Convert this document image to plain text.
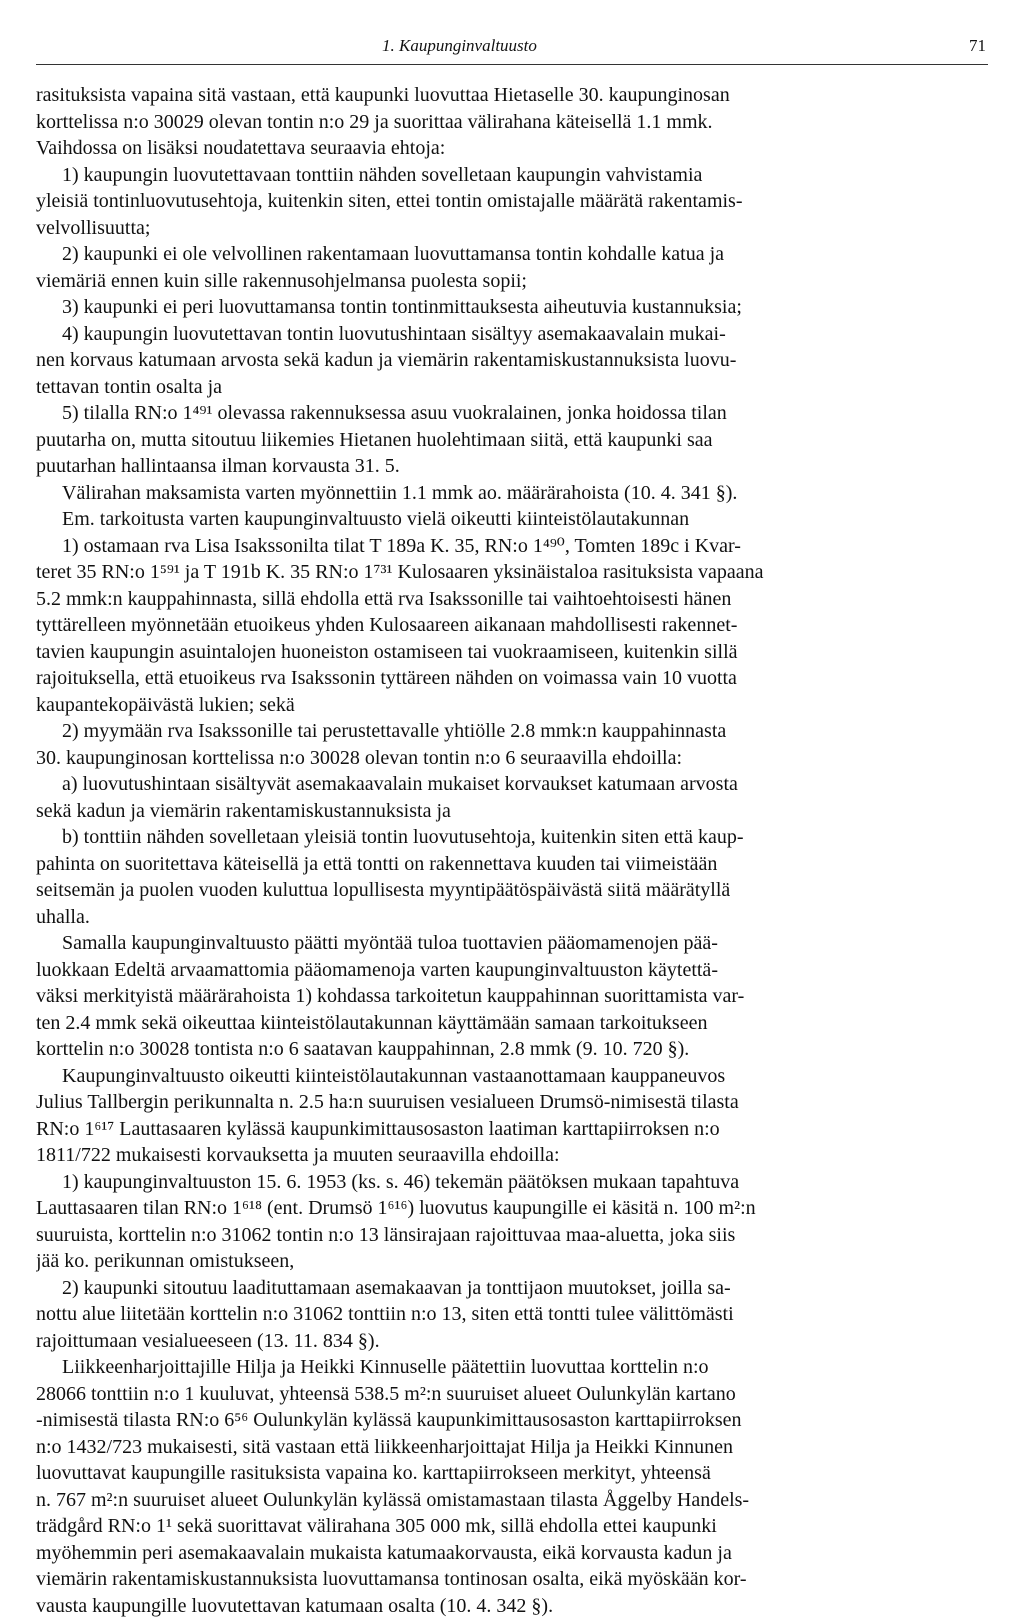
1. Kaupunginvaltuusto	71
rasituksista vapaina sitä vastaan, että kaupunki luovuttaa Hietaselle 30. kaupunginosan
korttelissa n:o 30029 olevan tontin n:o 29 ja suorittaa välirahana käteisellä 1.1 mmk.
Vaihdossa on lisäksi noudatettava seuraavia ehtoja:
1) kaupungin luovutettavaan tonttiin nähden sovelletaan kaupungin vahvistamia
yleisiä tontinluovutusehtoja, kuitenkin siten, ettei tontin omistajalle määrätä rakentamis-
velvollisuutta;
2) kaupunki ei ole velvollinen rakentamaan luovuttamansa tontin kohdalle katua ja
viemäriä ennen kuin sille rakennusohjelmansa puolesta sopii;
3) kaupunki ei peri luovuttamansa tontin tontinmittauksesta aiheutuvia kustannuksia;
4) kaupungin luovutettavan tontin luovutushintaan sisältyy asemakaavalain mukai-
nen korvaus katumaan arvosta sekä kadun ja viemärin rakentamiskustannuksista luovu-
tettavan tontin osalta ja
5) tilalla RN:o 1⁴⁹¹ olevassa rakennuksessa asuu vuokralainen, jonka hoidossa tilan
puutarha on, mutta sitoutuu liikemies Hietanen huolehtimaan siitä, että kaupunki saa
puutarhan hallintaansa ilman korvausta 31. 5.
Välirahan maksamista varten myönnettiin 1.1 mmk ao. määrärahoista (10. 4. 341 §).
Em. tarkoitusta varten kaupunginvaltuusto vielä oikeutti kiinteistölautakunnan
1) ostamaan rva Lisa Isakssonilta tilat T 189a K. 35, RN:o 1⁴⁹⁰, Tomten 189c i Kvar-
teret 35 RN:o 1⁵⁹¹ ja T 191b K. 35 RN:o 1⁷³¹ Kulosaaren yksinäistaloa rasituksista vapaana
5.2 mmk:n kauppahinnasta, sillä ehdolla että rva Isakssonille tai vaihtoehtoisesti hänen
tyttärelleen myönnetään etuoikeus yhden Kulosaareen aikanaan mahdollisesti rakennet-
tavien kaupungin asuintalojen huoneiston ostamiseen tai vuokraamiseen, kuitenkin sillä
rajoituksella, että etuoikeus rva Isakssonin tyttäreen nähden on voimassa vain 10 vuotta
kaupantekopäivästä lukien; sekä
2) myymään rva Isakssonille tai perustettavalle yhtiölle 2.8 mmk:n kauppahinnasta
30. kaupunginosan korttelissa n:o 30028 olevan tontin n:o 6 seuraavilla ehdoilla:
a) luovutushintaan sisältyvät asemakaavalain mukaiset korvaukset katumaan arvosta
sekä kadun ja viemärin rakentamiskustannuksista ja
b) tonttiin nähden sovelletaan yleisiä tontin luovutusehtoja, kuitenkin siten että kaup-
pahinta on suoritettava käteisellä ja että tontti on rakennettava kuuden tai viimeistään
seitsemän ja puolen vuoden kuluttua lopullisesta myyntipäätöspäivästä siitä määrätyllä
uhalla.
Samalla kaupunginvaltuusto päätti myöntää tuloa tuottavien pääomamenojen pää-
luokkaan Edeltä arvaamattomia pääomamenoja varten kaupunginvaltuuston käytettä-
väksi merkityistä määrärahoista 1) kohdassa tarkoitetun kauppahinnan suorittamista var-
ten 2.4 mmk sekä oikeuttaa kiinteistölautakunnan käyttämään samaan tarkoitukseen
korttelin n:o 30028 tontista n:o 6 saatavan kauppahinnan, 2.8 mmk (9. 10. 720 §).
Kaupunginvaltuusto oikeutti kiinteistölautakunnan vastaanottamaan kauppaneuvos
Julius Tallbergin perikunnalta n. 2.5 ha:n suuruisen vesialueen Drumsö-nimisestä tilasta
RN:o 1⁶¹⁷ Lauttasaaren kylässä kaupunkimittausosaston laatiman karttapiirroksen n:o
1811/722 mukaisesti korvauksetta ja muuten seuraavilla ehdoilla:
1) kaupunginvaltuuston 15. 6. 1953 (ks. s. 46) tekemän päätöksen mukaan tapahtuva
Lauttasaaren tilan RN:o 1⁶¹⁸ (ent. Drumsö 1⁶¹⁶) luovutus kaupungille ei käsitä n. 100 m²:n
suuruista, korttelin n:o 31062 tontin n:o 13 länsirajaan rajoittuvaa maa-aluetta, joka siis
jää ko. perikunnan omistukseen,
2) kaupunki sitoutuu laadituttamaan asemakaavan ja tonttijaon muutokset, joilla sa-
nottu alue liitetään korttelin n:o 31062 tonttiin n:o 13, siten että tontti tulee välittömästi
rajoittumaan vesialueeseen (13. 11. 834 §).
Liikkeenharjoittajille Hilja ja Heikki Kinnuselle päätettiin luovuttaa korttelin n:o
28066 tonttiin n:o 1 kuuluvat, yhteensä 538.5 m²:n suuruiset alueet Oulunkylän kartano
-nimisestä tilasta RN:o 6⁵⁶ Oulunkylän kylässä kaupunkimittausosaston karttapiirroksen
n:o 1432/723 mukaisesti, sitä vastaan että liikkeenharjoittajat Hilja ja Heikki Kinnunen
luovuttavat kaupungille rasituksista vapaina ko. karttapiirrokseen merkityt, yhteensä
n. 767 m²:n suuruiset alueet Oulunkylän kylässä omistamastaan tilasta Åggelby Handels-
trädgård RN:o 1¹ sekä suorittavat välirahana 305 000 mk, sillä ehdolla ettei kaupunki
myöhemmin peri asemakaavalain mukaista katumaakorvausta, eikä korvausta kadun ja
viemärin rakentamiskustannuksista luovuttamansa tontinosan osalta, eikä myöskään kor-
vausta kaupungille luovutettavan katumaan osalta (10. 4. 342 §).
